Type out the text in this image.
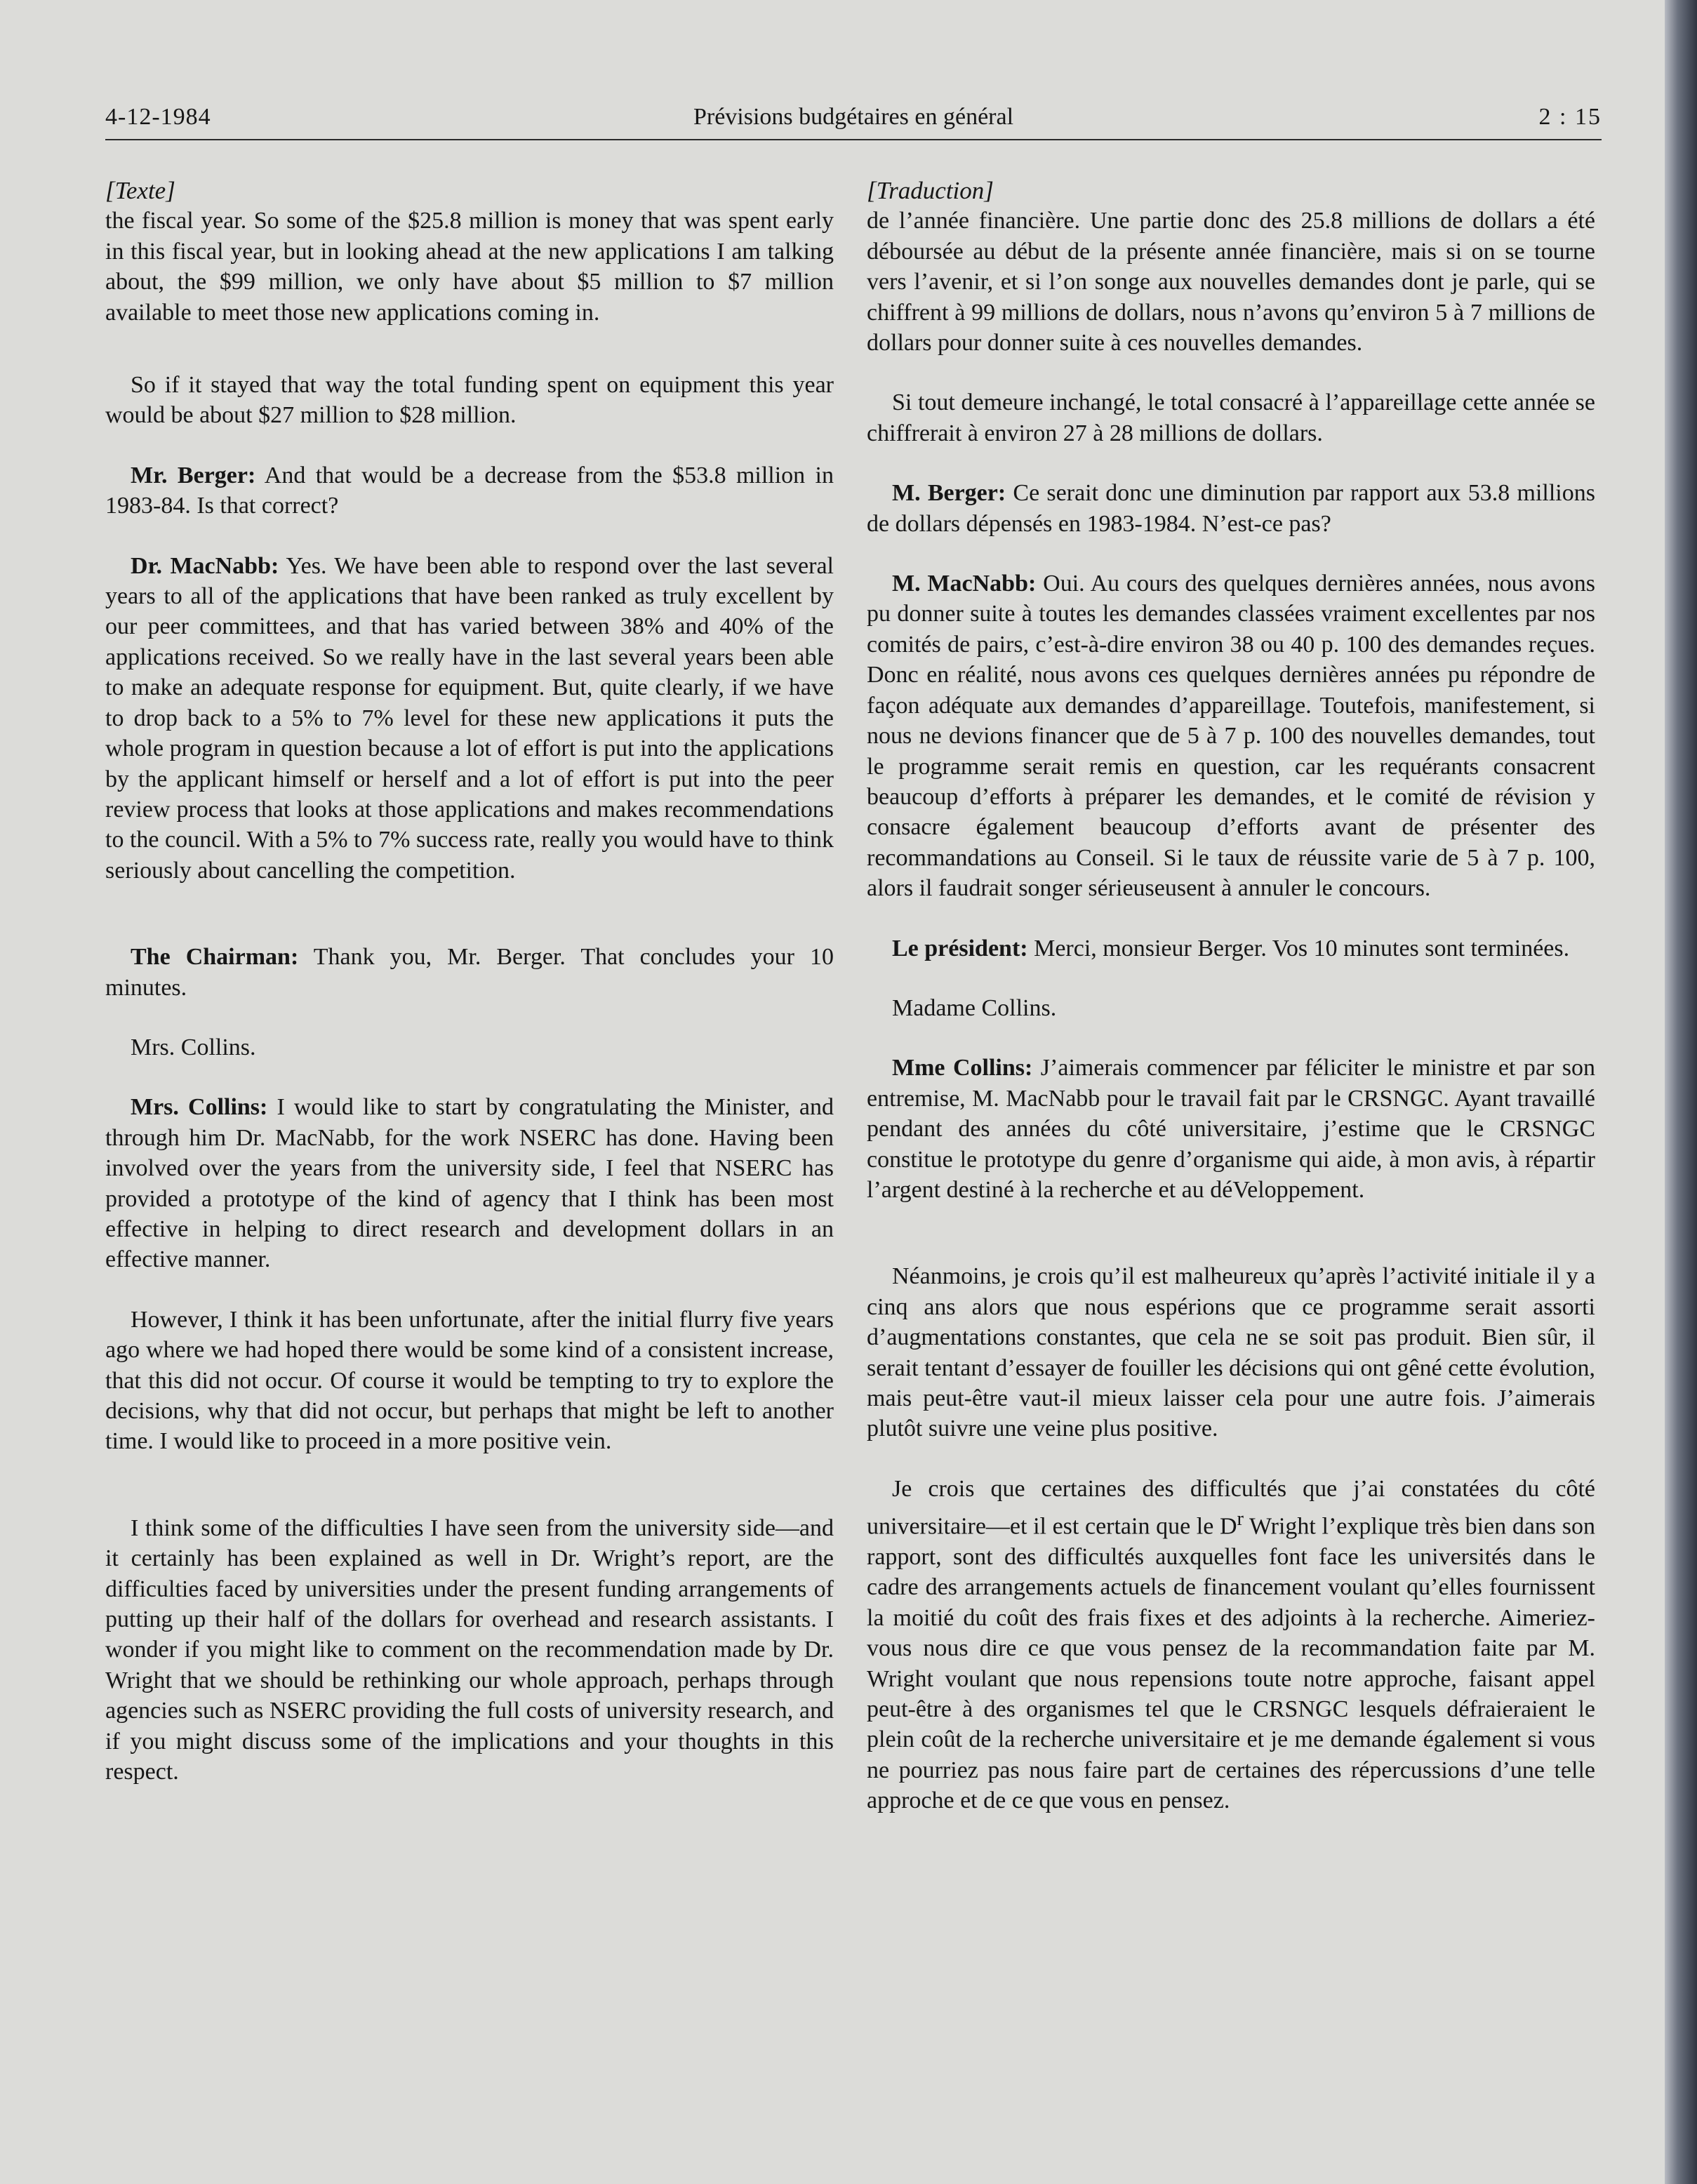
4-12-1984	Prévisions budgétaires en général	2 : 15

[Texte]

the fiscal year. So some of the $25.8 million is money that was spent early in this fiscal year, but in looking ahead at the new applications I am talking about, the $99 million, we only have about $5 million to $7 million available to meet those new applications coming in.

So if it stayed that way the total funding spent on equipment this year would be about $27 million to $28 million.

Mr. Berger: And that would be a decrease from the $53.8 million in 1983-84. Is that correct?

Dr. MacNabb: Yes. We have been able to respond over the last several years to all of the applications that have been ranked as truly excellent by our peer committees, and that has varied between 38% and 40% of the applications received. So we really have in the last several years been able to make an adequate response for equipment. But, quite clearly, if we have to drop back to a 5% to 7% level for these new applications it puts the whole program in question because a lot of effort is put into the applications by the applicant himself or herself and a lot of effort is put into the peer review process that looks at those applications and makes recommendations to the council. With a 5% to 7% success rate, really you would have to think seriously about cancelling the competition.

The Chairman: Thank you, Mr. Berger. That concludes your 10 minutes.

Mrs. Collins.

Mrs. Collins: I would like to start by congratulating the Minister, and through him Dr. MacNabb, for the work NSERC has done. Having been involved over the years from the university side, I feel that NSERC has provided a prototype of the kind of agency that I think has been most effective in helping to direct research and development dollars in an effective manner.

However, I think it has been unfortunate, after the initial flurry five years ago where we had hoped there would be some kind of a consistent increase, that this did not occur. Of course it would be tempting to try to explore the decisions, why that did not occur, but perhaps that might be left to another time. I would like to proceed in a more positive vein.

I think some of the difficulties I have seen from the university side—and it certainly has been explained as well in Dr. Wright’s report, are the difficulties faced by universities under the present funding arrangements of putting up their half of the dollars for overhead and research assistants. I wonder if you might like to comment on the recommendation made by Dr. Wright that we should be rethinking our whole approach, perhaps through agencies such as NSERC providing the full costs of university research, and if you might discuss some of the implications and your thoughts in this respect.

[Traduction]

de l’année financière. Une partie donc des 25.8 millions de dollars a été déboursée au début de la présente année financière, mais si on se tourne vers l’avenir, et si l’on songe aux nouvelles demandes dont je parle, qui se chiffrent à 99 millions de dollars, nous n’avons qu’environ 5 à 7 millions de dollars pour donner suite à ces nouvelles demandes.

Si tout demeure inchangé, le total consacré à l’appareillage cette année se chiffrerait à environ 27 à 28 millions de dollars.

M. Berger: Ce serait donc une diminution par rapport aux 53.8 millions de dollars dépensés en 1983-1984. N’est-ce pas?

M. MacNabb: Oui. Au cours des quelques dernières années, nous avons pu donner suite à toutes les demandes classées vraiment excellentes par nos comités de pairs, c’est-à-dire environ 38 ou 40 p. 100 des demandes reçues. Donc en réalité, nous avons ces quelques dernières années pu répondre de façon adéquate aux demandes d’appareillage. Toutefois, manifestement, si nous ne devions financer que de 5 à 7 p. 100 des nouvelles demandes, tout le programme serait remis en question, car les requérants consacrent beaucoup d’efforts à préparer les demandes, et le comité de révision y consacre également beaucoup d’efforts avant de présenter des recommandations au Conseil. Si le taux de réussite varie de 5 à 7 p. 100, alors il faudrait songer sérieuseusent à annuler le concours.

Le président: Merci, monsieur Berger. Vos 10 minutes sont terminées.

Madame Collins.

Mme Collins: J’aimerais commencer par féliciter le ministre et par son entremise, M. MacNabb pour le travail fait par le CRSNGC. Ayant travaillé pendant des années du côté universitaire, j’estime que le CRSNGC constitue le prototype du genre d’organisme qui aide, à mon avis, à répartir l’argent destiné à la recherche et au déVeloppement.

Néanmoins, je crois qu’il est malheureux qu’après l’activité initiale il y a cinq ans alors que nous espérions que ce programme serait assorti d’augmentations constantes, que cela ne se soit pas produit. Bien sûr, il serait tentant d’essayer de fouiller les décisions qui ont gêné cette évolution, mais peut-être vaut-il mieux laisser cela pour une autre fois. J’aimerais plutôt suivre une veine plus positive.

Je crois que certaines des difficultés que j’ai constatées du côté universitaire—et il est certain que le $D^r$ Wright l’explique très bien dans son rapport, sont des difficultés auxquelles font face les universités dans le cadre des arrangements actuels de financement voulant qu’elles fournissent la moitié du coût des frais fixes et des adjoints à la recherche. Aimeriez-vous nous dire ce que vous pensez de la recommandation faite par M. Wright voulant que nous repensions toute notre approche, faisant appel peut-être à des organismes tel que le CRSNGC lesquels défraieraient le plein coût de la recherche universitaire et je me demande également si vous ne pourriez pas nous faire part de certaines des répercussions d’une telle approche et de ce que vous en pensez.
